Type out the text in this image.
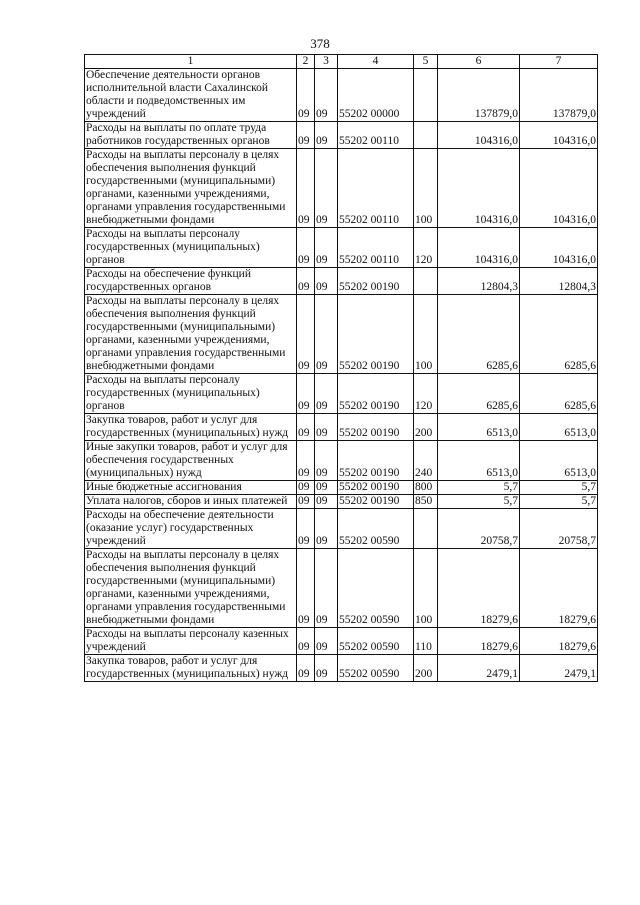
378
1	2	3	4	5	6	7
Обеспечение деятельности органов исполнительной власти Сахалинской области и подведомственных им учреждений	09	09	55202 00000		137879,0	137879,0
Расходы на выплаты по оплате труда работников государственных органов	09	09	55202 00110		104316,0	104316,0
Расходы на выплаты персоналу в целях обеспечения выполнения функций государственными (муниципальными) органами, казенными учреждениями, органами управления государственными внебюджетными фондами	09	09	55202 00110	100	104316,0	104316,0
Расходы на выплаты персоналу государственных (муниципальных) органов	09	09	55202 00110	120	104316,0	104316,0
Расходы на обеспечение функций государственных органов	09	09	55202 00190		12804,3	12804,3
Расходы на выплаты персоналу в целях обеспечения выполнения функций государственными (муниципальными) органами, казенными учреждениями, органами управления государственными внебюджетными фондами	09	09	55202 00190	100	6285,6	6285,6
Расходы на выплаты персоналу государственных (муниципальных) органов	09	09	55202 00190	120	6285,6	6285,6
Закупка товаров, работ и услуг для государственных (муниципальных) нужд	09	09	55202 00190	200	6513,0	6513,0
Иные закупки товаров, работ и услуг для обеспечения государственных (муниципальных) нужд	09	09	55202 00190	240	6513,0	6513,0
Иные бюджетные ассигнования	09	09	55202 00190	800	5,7	5,7
Уплата налогов, сборов и иных платежей	09	09	55202 00190	850	5,7	5,7
Расходы на обеспечение деятельности (оказание услуг) государственных учреждений	09	09	55202 00590		20758,7	20758,7
Расходы на выплаты персоналу в целях обеспечения выполнения функций государственными (муниципальными) органами, казенными учреждениями, органами управления государственными внебюджетными фондами	09	09	55202 00590	100	18279,6	18279,6
Расходы на выплаты персоналу казенных учреждений	09	09	55202 00590	110	18279,6	18279,6
Закупка товаров, работ и услуг для государственных (муниципальных) нужд	09	09	55202 00590	200	2479,1	2479,1
